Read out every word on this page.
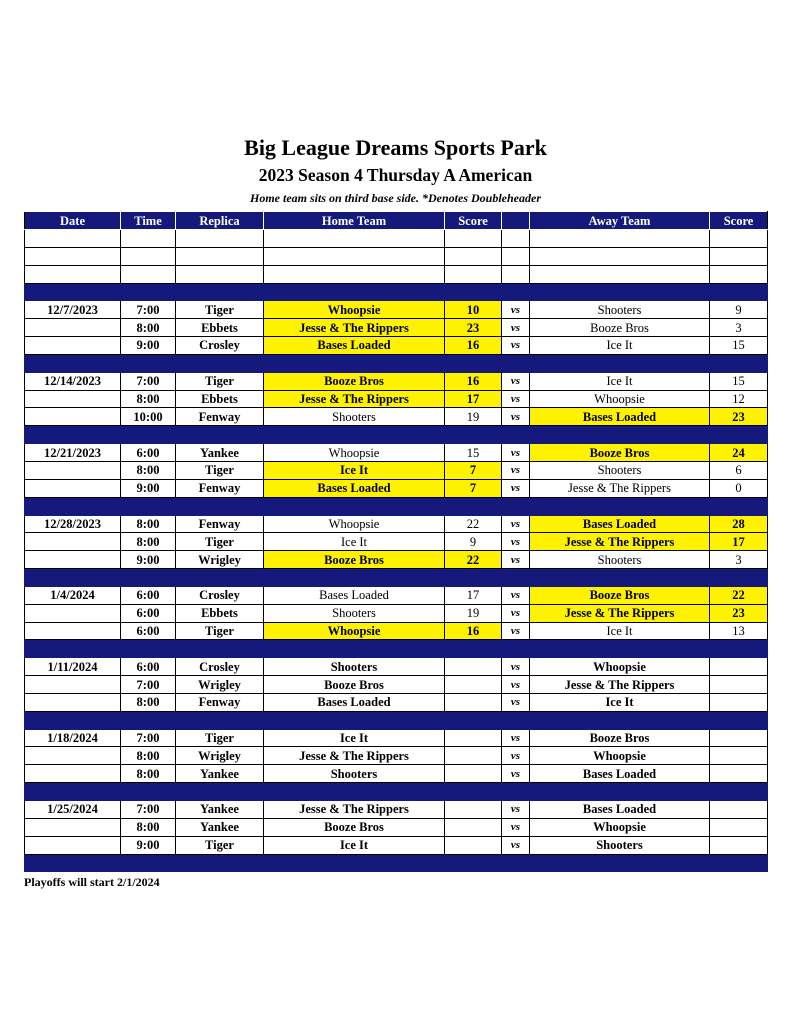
Big League Dreams Sports Park
2023 Season 4 Thursday A American
Home team sits on third base side. *Denotes Doubleheader
Date	Time	Replica	Home Team	Score		Away Team	Score

12/7/2023	7:00	Tiger	Whoopsie	10	vs	Shooters	9
	8:00	Ebbets	Jesse & The Rippers	23	vs	Booze Bros	3
	9:00	Crosley	Bases Loaded	16	vs	Ice It	15

12/14/2023	7:00	Tiger	Booze Bros	16	vs	Ice It	15
	8:00	Ebbets	Jesse & The Rippers	17	vs	Whoopsie	12
	10:00	Fenway	Shooters	19	vs	Bases Loaded	23

12/21/2023	6:00	Yankee	Whoopsie	15	vs	Booze Bros	24
	8:00	Tiger	Ice It	7	vs	Shooters	6
	9:00	Fenway	Bases Loaded	7	vs	Jesse & The Rippers	0

12/28/2023	8:00	Fenway	Whoopsie	22	vs	Bases Loaded	28
	8:00	Tiger	Ice It	9	vs	Jesse & The Rippers	17
	9:00	Wrigley	Booze Bros	22	vs	Shooters	3

1/4/2024	6:00	Crosley	Bases Loaded	17	vs	Booze Bros	22
	6:00	Ebbets	Shooters	19	vs	Jesse & The Rippers	23
	6:00	Tiger	Whoopsie	16	vs	Ice It	13

1/11/2024	6:00	Crosley	Shooters		vs	Whoopsie	
	7:00	Wrigley	Booze Bros		vs	Jesse & The Rippers	
	8:00	Fenway	Bases Loaded		vs	Ice It	

1/18/2024	7:00	Tiger	Ice It		vs	Booze Bros	
	8:00	Wrigley	Jesse & The Rippers		vs	Whoopsie	
	8:00	Yankee	Shooters		vs	Bases Loaded	

1/25/2024	7:00	Yankee	Jesse & The Rippers		vs	Bases Loaded	
	8:00	Yankee	Booze Bros		vs	Whoopsie	
	9:00	Tiger	Ice It		vs	Shooters	

Playoffs will start 2/1/2024
